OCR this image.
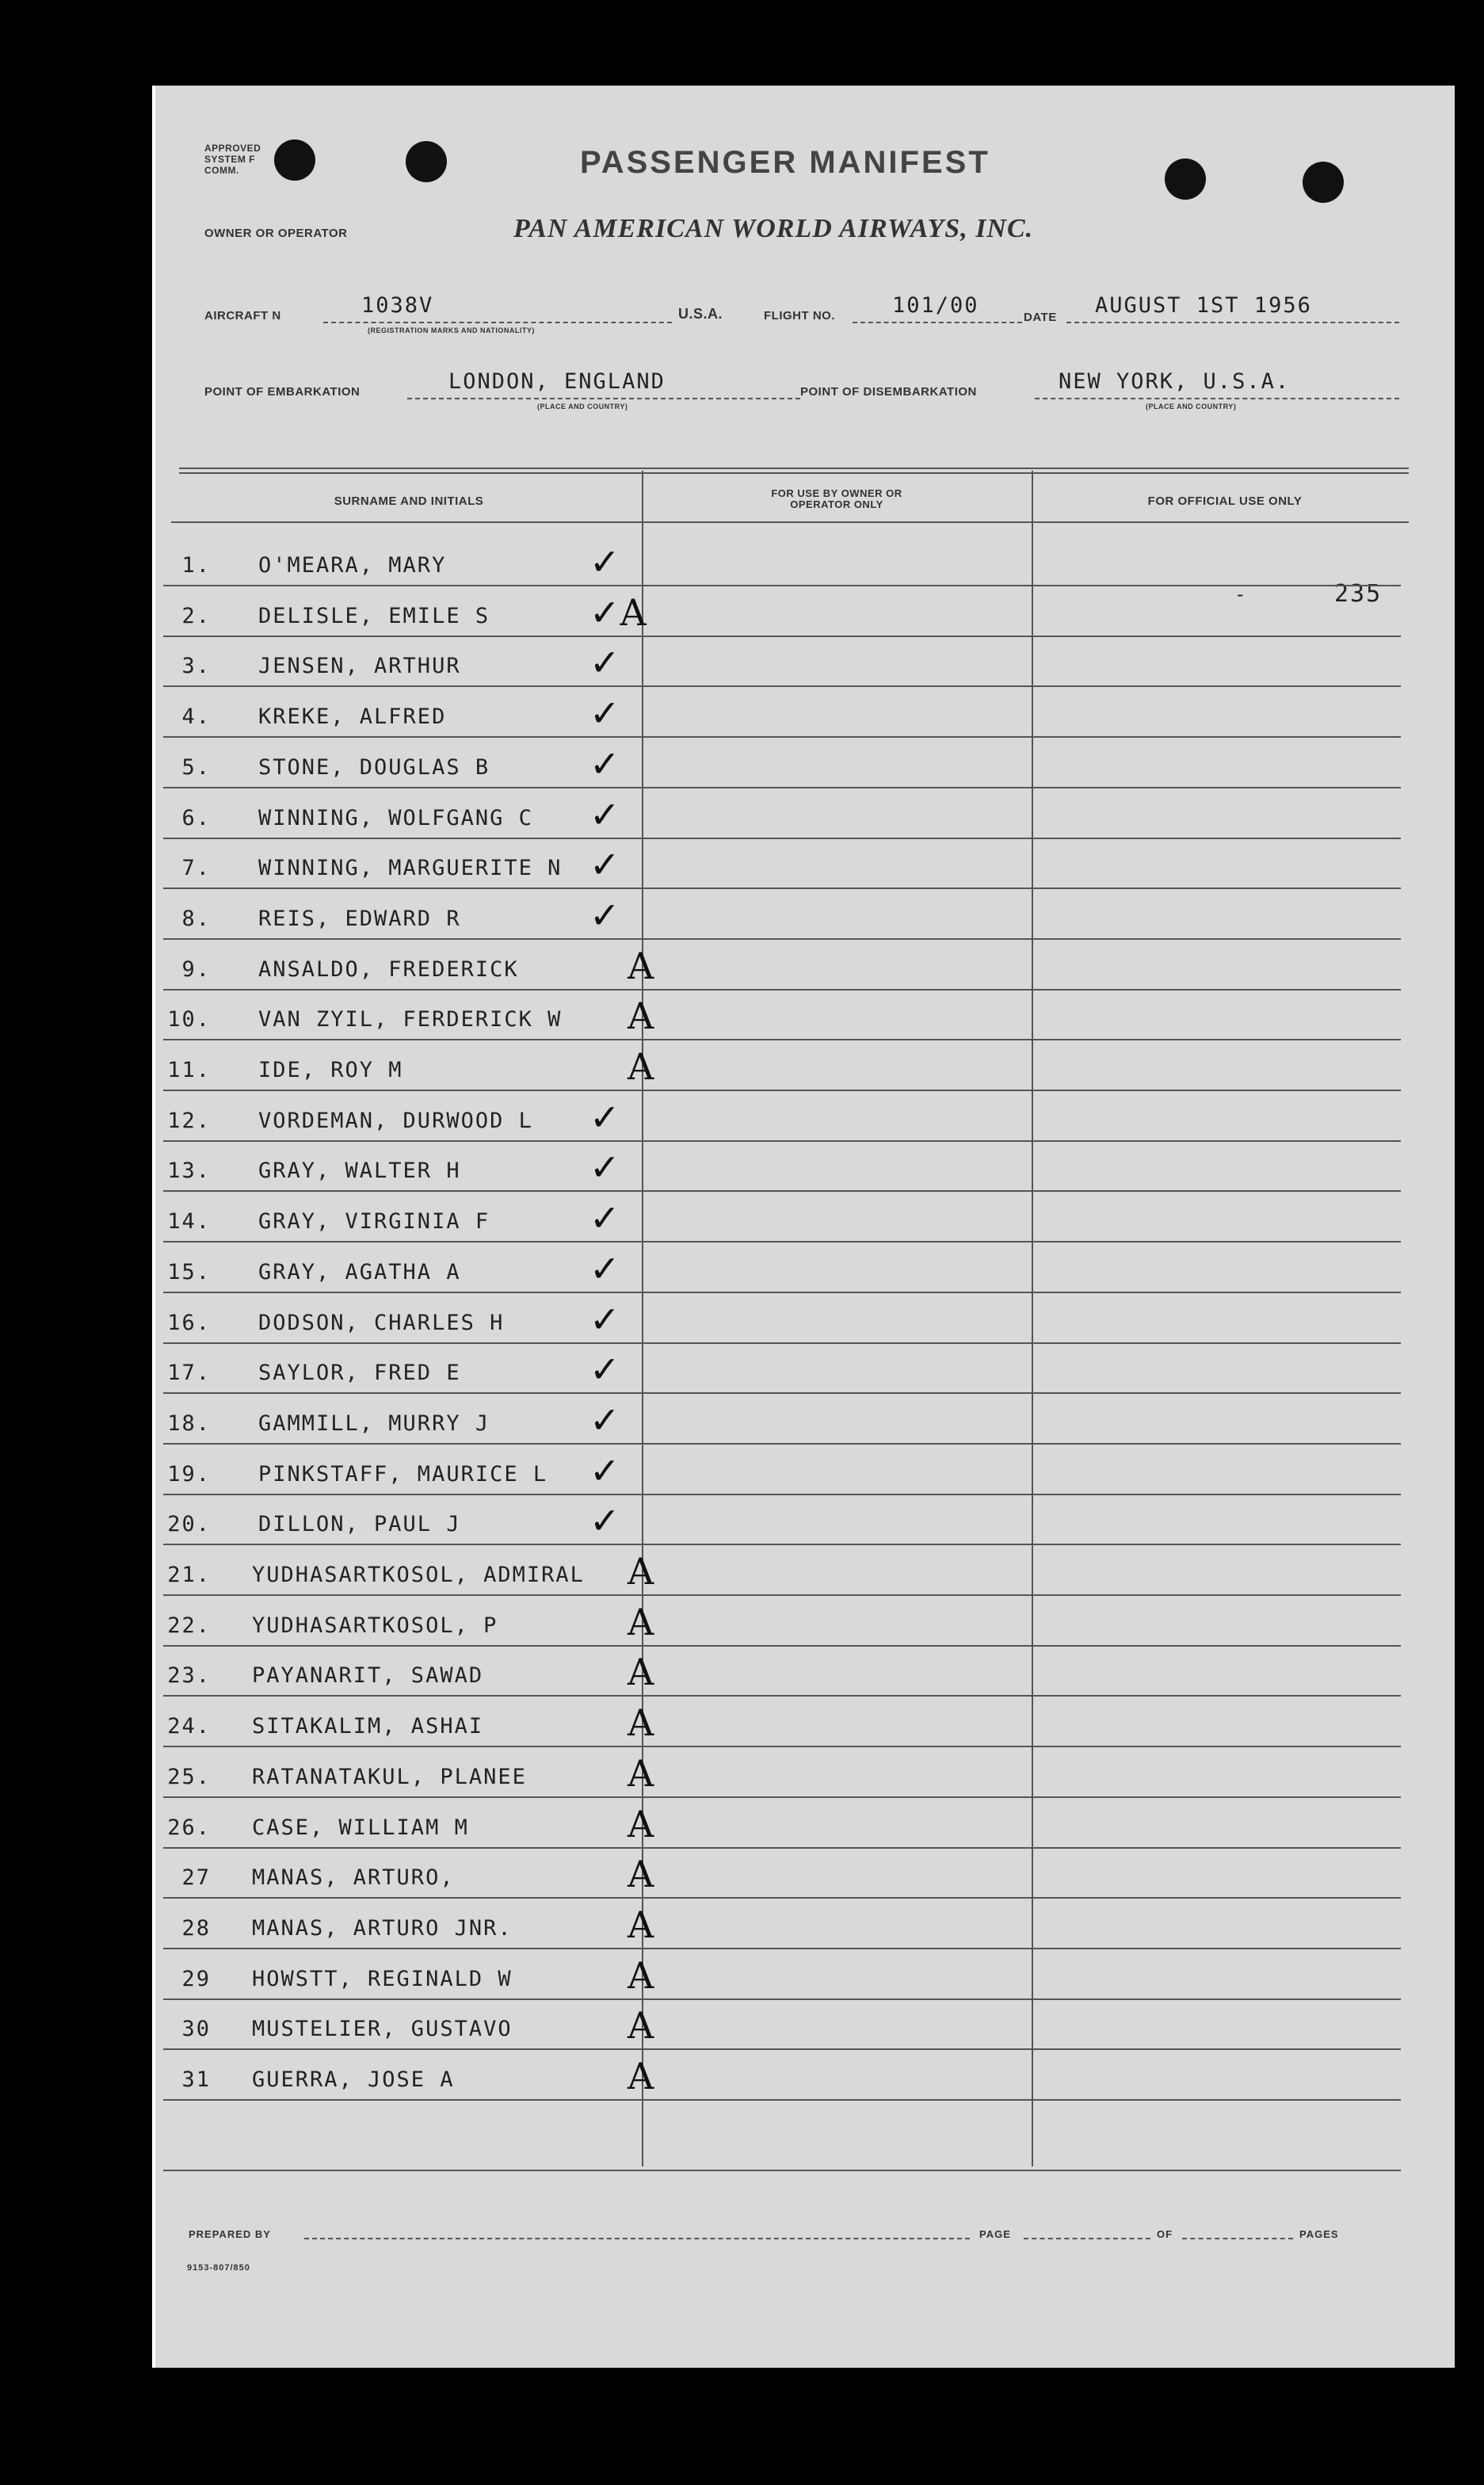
APPROVED SYSTEM F COMM.	PASSENGER MANIFEST
OWNER OR OPERATOR	PAN AMERICAN WORLD AIRWAYS, INC.
AIRCRAFT N	1038V
(REGISTRATION MARKS AND NATIONALITY)
U.S.A.	FLIGHT NO.	101/00	DATE AUGUST 1ST 1956
POINT OF EMBARKATION	LONDON, ENGLAND
(PLACE AND COUNTRY)
POINT OF DISEMBARKATION	NEW YORK, U.S.A.
(PLACE AND COUNTRY)
SURNAME AND INITIALS
FOR USE BY OWNER OR OPERATOR ONLY	FOR OFFICIAL USE ONLY
235
-
1. O'MEARA, MARY	✓
2. DELISLE, EMILE S	✓A
3. JENSEN, ARTHUR	✓
4. KREKE, ALFRED	✓
5. STONE, DOUGLAS B	✓
6. WINNING, WOLFGANG C ✓
7. WINNING, MARGUERITE N ✓
8. REIS, EDWARD R	✓
9. ANSALDO, FREDERICK	A
10. VAN ZYIL, FERDERICK W A
11. IDE, ROY M	A
12. VORDEMAN, DURWOOD L ✓
13. GRAY, WALTER H	✓
14. GRAY, VIRGINIA F	✓
15. GRAY, AGATHA A	✓
16. DODSON, CHARLES H ✓
17. SAYLOR, FRED E	✓
18. GAMMILL, MURRY J	✓
19. PINKSTAFF, MAURICE L ✓
20. DILLON, PAUL J	✓
21. YUDHASARTKOSOL, ADMIRAL A
22. YUDHASARTKOSOL, P	A
23. PAYANARIT, SAWAD	A
24. SITAKALIM, ASHAI	A
25. RATANATAKUL, PLANEE	A
26. CASE, WILLIAM M	A
27 MANAS, ARTURO,	A
28 MANAS, ARTURO JNR.	A
29 HOWSTT, REGINALD W	A
30 MUSTELIER, GUSTAVO	A
31 GUERRA, JOSE A	A
PREPARED BY	PAGE	OF	PAGES
9153-807/850
